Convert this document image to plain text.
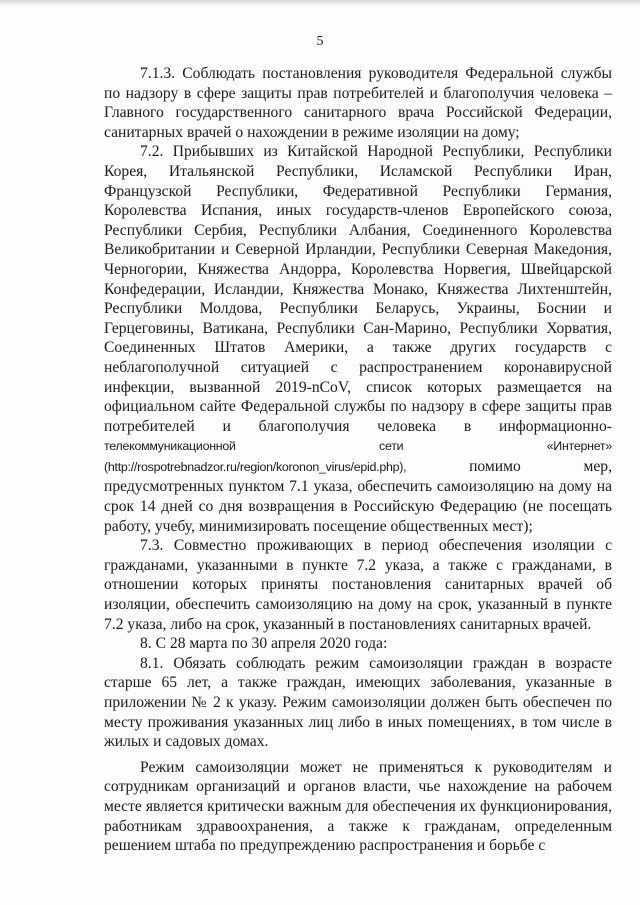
5

7.1.3. Соблюдать постановления руководителя Федеральной службы по надзору в сфере защиты прав потребителей и благополучия человека – Главного государственного санитарного врача Российской Федерации, санитарных врачей о нахождении в режиме изоляции на дому;

7.2. Прибывших из Китайской Народной Республики, Республики Корея, Итальянской Республики, Исламской Республики Иран, Французской Республики, Федеративной Республики Германия, Королевства Испания, иных государств-членов Европейского союза, Республики Сербия, Республики Албания, Соединенного Королевства Великобритании и Северной Ирландии, Республики Северная Македония, Черногории, Княжества Андорра, Королевства Норвегия, Швейцарской Конфедерации, Исландии, Княжества Монако, Княжества Лихтенштейн, Республики Молдова, Республики Беларусь, Украины, Боснии и Герцеговины, Ватикана, Республики Сан-Марино, Республики Хорватия, Соединенных Штатов Америки, а также других государств с неблагополучной ситуацией с распространением коронавирусной инфекции, вызванной 2019-nCoV, список которых размещается на официальном сайте Федеральной службы по надзору в сфере защиты прав потребителей и благополучия человека в информационно-телекоммуникационной сети «Интернет» (http://rospotrebnadzor.ru/region/koronon_virus/epid.php), помимо мер, предусмотренных пунктом 7.1 указа, обеспечить самоизоляцию на дому на срок 14 дней со дня возвращения в Российскую Федерацию (не посещать работу, учебу, минимизировать посещение общественных мест);

7.3. Совместно проживающих в период обеспечения изоляции с гражданами, указанными в пункте 7.2 указа, а также с гражданами, в отношении которых приняты постановления санитарных врачей об изоляции, обеспечить самоизоляцию на дому на срок, указанный в пункте 7.2 указа, либо на срок, указанный в постановлениях санитарных врачей.

8. С 28 марта по 30 апреля 2020 года:

8.1. Обязать соблюдать режим самоизоляции граждан в возрасте старше 65 лет, а также граждан, имеющих заболевания, указанные в приложении № 2 к указу. Режим самоизоляции должен быть обеспечен по месту проживания указанных лиц либо в иных помещениях, в том числе в жилых и садовых домах.

Режим самоизоляции может не применяться к руководителям и сотрудникам организаций и органов власти, чье нахождение на рабочем месте является критически важным для обеспечения их функционирования, работникам здравоохранения, а также к гражданам, определенным решением штаба по предупреждению распространения и борьбе с
